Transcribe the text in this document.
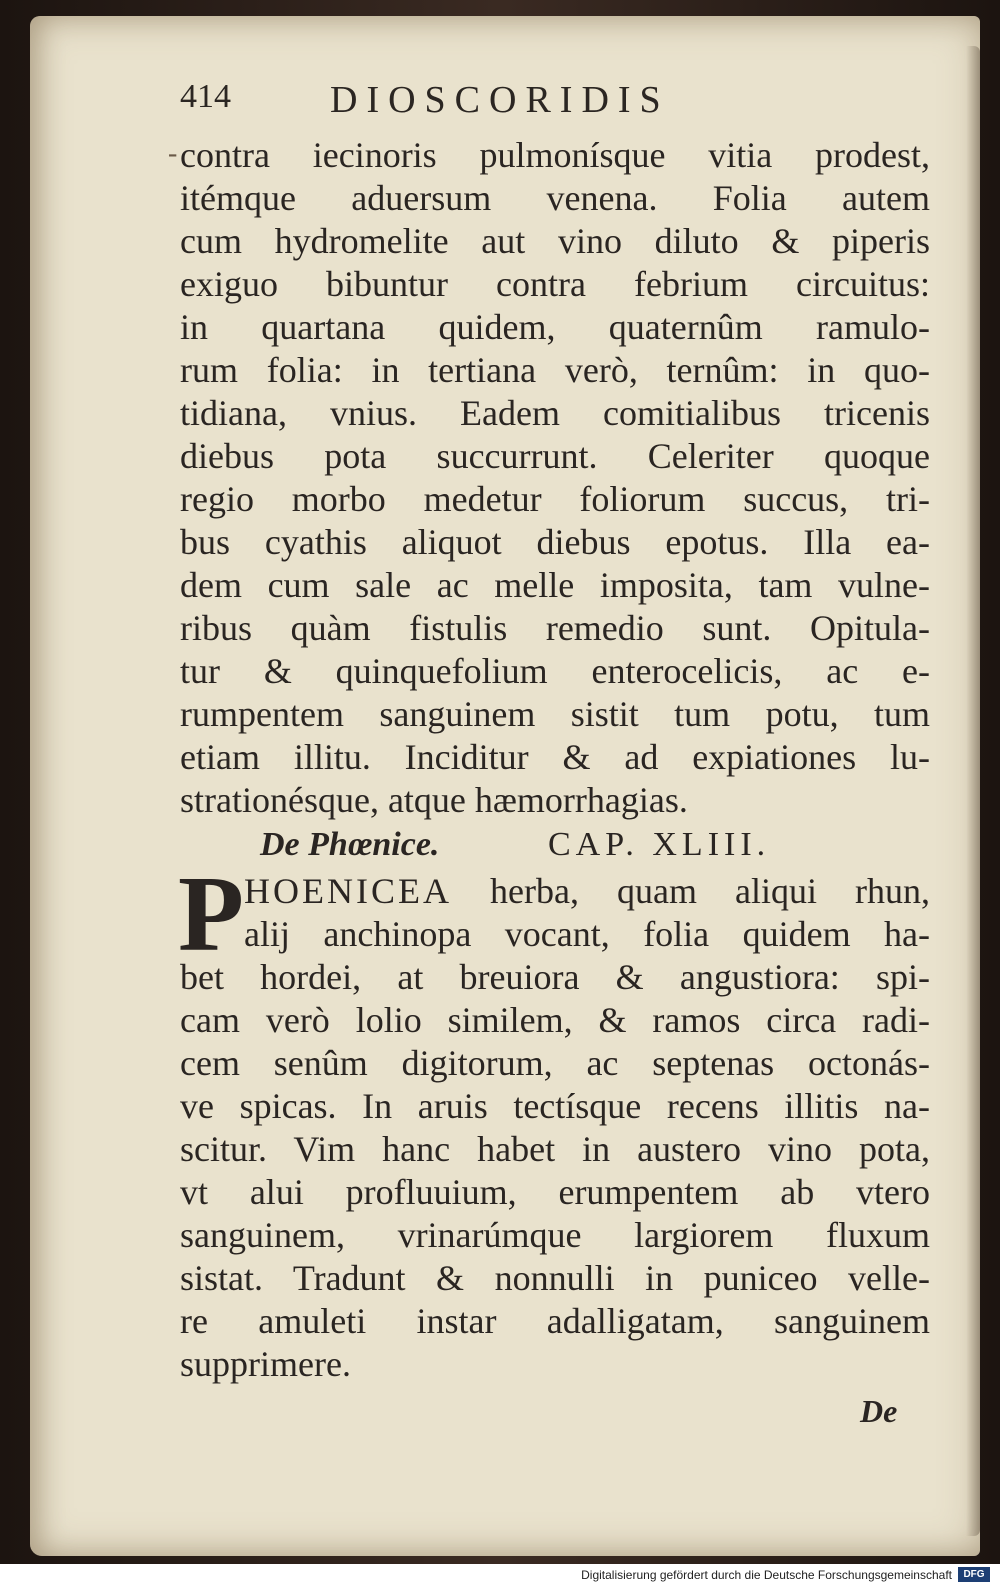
-
414	DIOSCORIDIS
contra iecinoris pulmonísque vitia prodest,
itémque aduersum venena. Folia autem
cum hydromelite aut vino diluto & piperis
exiguo bibuntur contra febrium circuitus:
in quartana quidem, quaternûm ramulo-
rum folia: in tertiana verò, ternûm: in quo-
tidiana, vnius. Eadem comitialibus tricenis
diebus pota succurrunt. Celeriter quoque
regio morbo medetur foliorum succus, tri-
bus cyathis aliquot diebus epotus. Illa ea-
dem cum sale ac melle imposita, tam vulne-
ribus quàm fistulis remedio sunt. Opitula-
tur & quinquefolium enterocelicis, ac e-
rumpentem sanguinem sistit tum potu, tum
etiam illitu. Inciditur & ad expiationes lu-
strationésque, atque hæmorrhagias.
De Phœnice.	CAP. XLIII.
P HOENICEA herba, quam aliqui rhun,
alij anchinopa vocant, folia quidem ha-
bet hordei, at breuiora & angustiora: spi-
cam verò lolio similem, & ramos circa radi-
cem senûm digitorum, ac septenas octonás-
ve spicas. In aruis tectísque recens illitis na-
scitur. Vim hanc habet in austero vino pota,
vt alui profluuium, erumpentem ab vtero
sanguinem, vrinarúmque largiorem fluxum
sistat. Tradunt & nonnulli in puniceo velle-
re amuleti instar adalligatam, sanguinem
supprimere.
De
Digitalisierung gefördert durch die Deutsche Forschungsgemeinschaft	DFG
